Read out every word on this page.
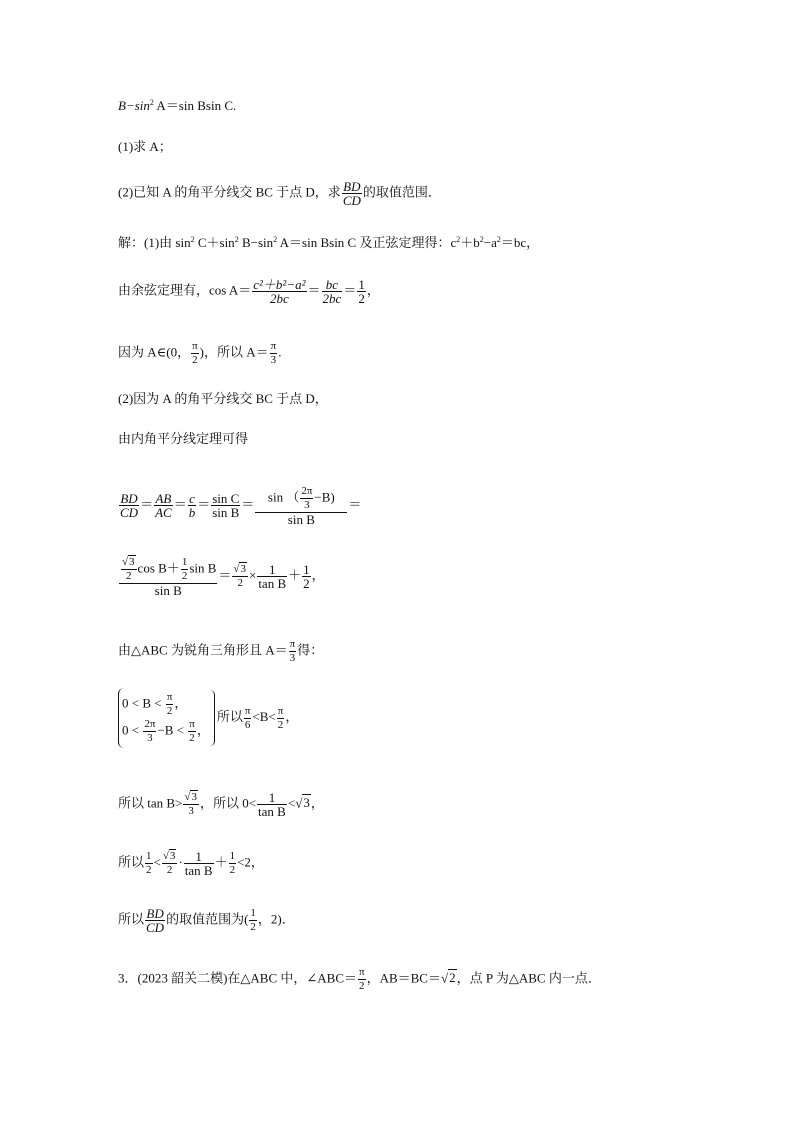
$B-\sin^2$ A＝sin Bsin C.
(1)求 A；
(2)已知 A 的角平分线交 BC 于点 D，求 $\frac{BD}{CD}$ 的取值范围．
解：(1)由 $\sin^2 C+\sin^2$ $B-\sin^2$ A＝sin Bsin C 及正弦定理得：$c^2+b^2-a^2=bc$，
由余弦定理有，$\cos A= \frac{\text{c²＋b²−a²}}{2bc} = \frac{bc}{2bc} = \frac{1}{2}$ ，
因为 A∈(0， $\frac{\pi}{2}$ )，所以 $A= \frac{\pi}{3}$ .
(2)因为 A 的角平分线交 BC 于点 D，
由内角平分线定理可得
$\frac{BD}{CD} = \frac{AB}{AC} = \frac{c}{b} = \frac{\text{sin C}}{\text{sin B}} = \frac{\sin ( \frac{2\pi}{3} -B)}{\text{sin B}}$ ＝
$\frac{\frac{√3}{2} \cos B+ \frac{1}{2} \sin B}{\text{sin B}} = \frac{√3}{2} \times \frac{1}{\text{tan B}} + \frac{1}{2}$ ，
由△ABC 为锐角三角形且 $A= \frac{\pi}{3}$ 得：
$0 < B < \frac{\pi}{2}$ ，
$0 < \frac{2\pi}{3} -B < \frac{\pi}{2}$ ，
所以 $\frac{\pi}{6} <B< \frac{\pi}{2}$ ，
所以 $\tan B> \frac{√3}{3}$ ，所以 $0< \frac{1}{\text{tan B}} <√3$，
所以 $\frac{1}{2} < \frac{√3}{2} \cdot \frac{1}{\text{tan B}} + \frac{1}{2} <2$，
所以 $\frac{BD}{CD}$ 的取值范围为( $\frac{1}{2}$ ，2)．
3．(2023 韶关二模)在△ABC 中，∠ABC＝ $\frac{\pi}{2}$ ，AB＝BC＝√2，点 P 为△ABC 内一点．
